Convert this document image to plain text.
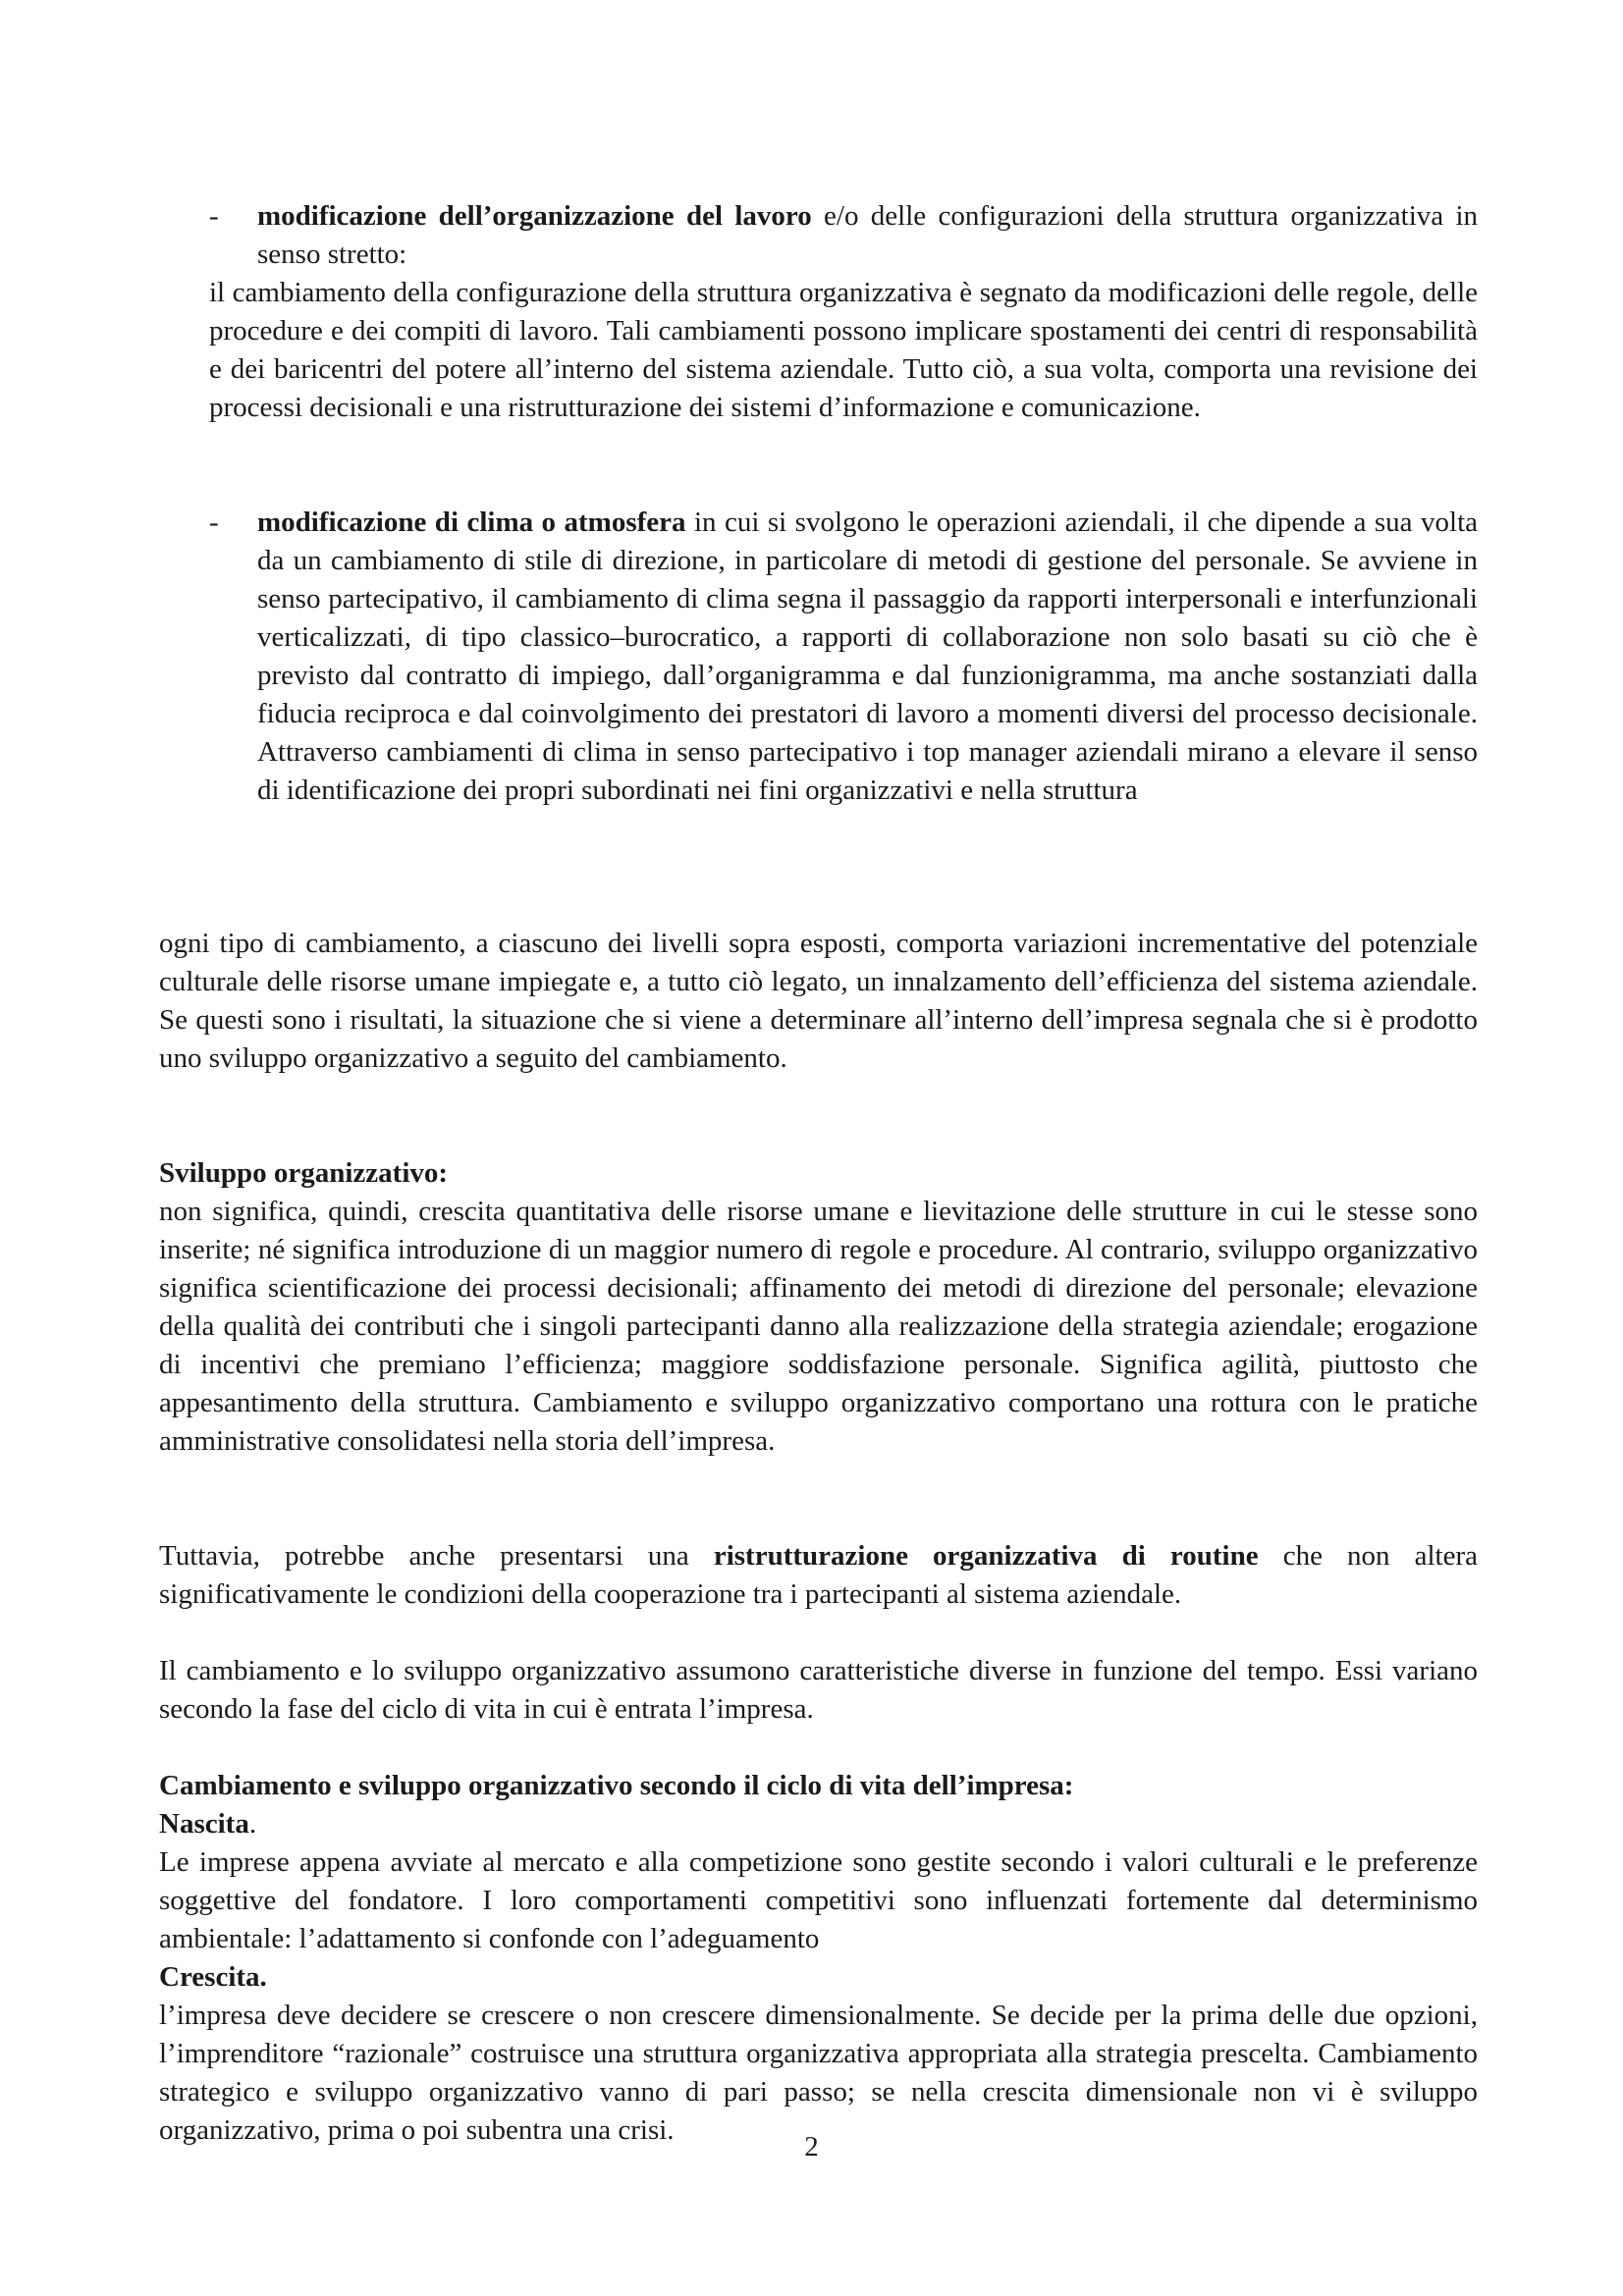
- modificazione dell’organizzazione del lavoro e/o delle configurazioni della struttura organizzativa in senso stretto:

il cambiamento della configurazione della struttura organizzativa è segnato da modificazioni delle regole, delle procedure e dei compiti di lavoro. Tali cambiamenti possono implicare spostamenti dei centri di responsabilità e dei baricentri del potere all’interno del sistema aziendale. Tutto ciò, a sua volta, comporta una revisione dei processi decisionali e una ristrutturazione dei sistemi d’informazione e comunicazione.

- modificazione di clima o atmosfera in cui si svolgono le operazioni aziendali, il che dipende a sua volta da un cambiamento di stile di direzione, in particolare di metodi di gestione del personale. Se avviene in senso partecipativo, il cambiamento di clima segna il passaggio da rapporti interpersonali e interfunzionali verticalizzati, di tipo classico–burocratico, a rapporti di collaborazione non solo basati su ciò che è previsto dal contratto di impiego, dall’organigramma e dal funzionigramma, ma anche sostanziati dalla fiducia reciproca e dal coinvolgimento dei prestatori di lavoro a momenti diversi del processo decisionale. Attraverso cambiamenti di clima in senso partecipativo i top manager aziendali mirano a elevare il senso di identificazione dei propri subordinati nei fini organizzativi e nella struttura

ogni tipo di cambiamento, a ciascuno dei livelli sopra esposti, comporta variazioni incrementative del potenziale culturale delle risorse umane impiegate e, a tutto ciò legato, un innalzamento dell’efficienza del sistema aziendale. Se questi sono i risultati, la situazione che si viene a determinare all’interno dell’impresa segnala che si è prodotto uno sviluppo organizzativo a seguito del cambiamento.

Sviluppo organizzativo:

non significa, quindi, crescita quantitativa delle risorse umane e lievitazione delle strutture in cui le stesse sono inserite; né significa introduzione di un maggior numero di regole e procedure. Al contrario, sviluppo organizzativo significa scientificazione dei processi decisionali; affinamento dei metodi di direzione del personale; elevazione della qualità dei contributi che i singoli partecipanti danno alla realizzazione della strategia aziendale; erogazione di incentivi che premiano l’efficienza; maggiore soddisfazione personale. Significa agilità, piuttosto che appesantimento della struttura. Cambiamento e sviluppo organizzativo comportano una rottura con le pratiche amministrative consolidatesi nella storia dell’impresa.

Tuttavia, potrebbe anche presentarsi una ristrutturazione organizzativa di routine che non altera significativamente le condizioni della cooperazione tra i partecipanti al sistema aziendale.

Il cambiamento e lo sviluppo organizzativo assumono caratteristiche diverse in funzione del tempo. Essi variano secondo la fase del ciclo di vita in cui è entrata l’impresa.

Cambiamento e sviluppo organizzativo secondo il ciclo di vita dell’impresa:

Nascita.

Le imprese appena avviate al mercato e alla competizione sono gestite secondo i valori culturali e le preferenze soggettive del fondatore. I loro comportamenti competitivi sono influenzati fortemente dal determinismo ambientale: l’adattamento si confonde con l’adeguamento

Crescita.

l’impresa deve decidere se crescere o non crescere dimensionalmente. Se decide per la prima delle due opzioni, l’imprenditore “razionale” costruisce una struttura organizzativa appropriata alla strategia prescelta. Cambiamento strategico e sviluppo organizzativo vanno di pari passo; se nella crescita dimensionale non vi è sviluppo organizzativo, prima o poi subentra una crisi.

2
